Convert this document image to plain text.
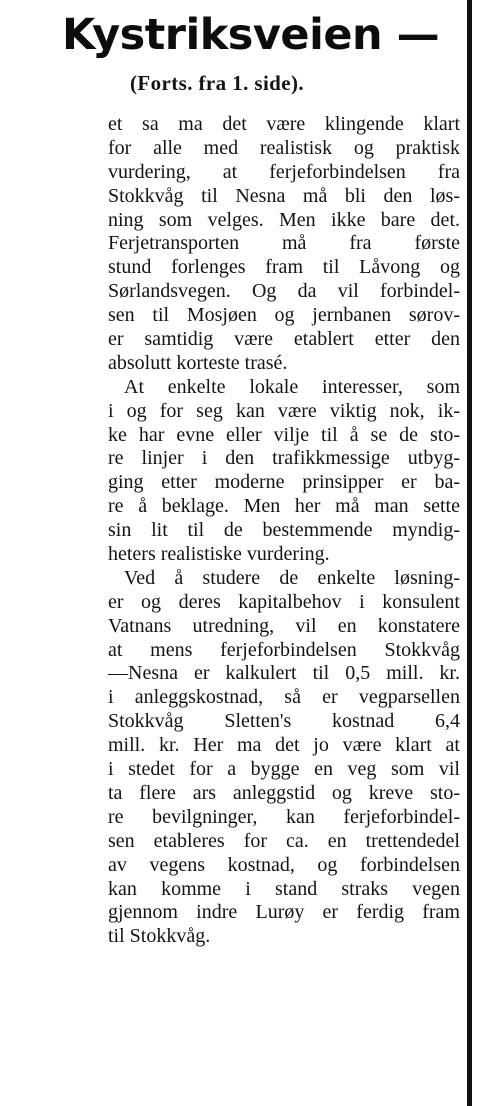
Kystriksveien —
(Forts. fra 1. side).
et sa ma det være klingende klart
for alle med realistisk og praktisk
vurdering, at ferjeforbindelsen fra
Stokkvåg til Nesna må bli den løs-
ning som velges. Men ikke bare det.
Ferjetransporten må fra første
stund forlenges fram til Låvong og
Sørlandsvegen. Og da vil forbindel-
sen til Mosjøen og jernbanen sørov-
er samtidig være etablert etter den
absolutt korteste trasé.
At enkelte lokale interesser, som
i og for seg kan være viktig nok, ik-
ke har evne eller vilje til å se de sto-
re linjer i den trafikkmessige utbyg-
ging etter moderne prinsipper er ba-
re å beklage. Men her må man sette
sin lit til de bestemmende myndig-
heters realistiske vurdering.
Ved å studere de enkelte løsning-
er og deres kapitalbehov i konsulent
Vatnans utredning, vil en konstatere
at mens ferjeforbindelsen Stokkvåg
—Nesna er kalkulert til 0,5 mill. kr.
i anleggskostnad, så er vegparsellen
Stokkvåg Sletten's kostnad 6,4
mill. kr. Her ma det jo være klart at
i stedet for a bygge en veg som vil
ta flere ars anleggstid og kreve sto-
re bevilgninger, kan ferjeforbindel-
sen etableres for ca. en trettendedel
av vegens kostnad, og forbindelsen
kan komme i stand straks vegen
gjennom indre Lurøy er ferdig fram
til Stokkvåg.
